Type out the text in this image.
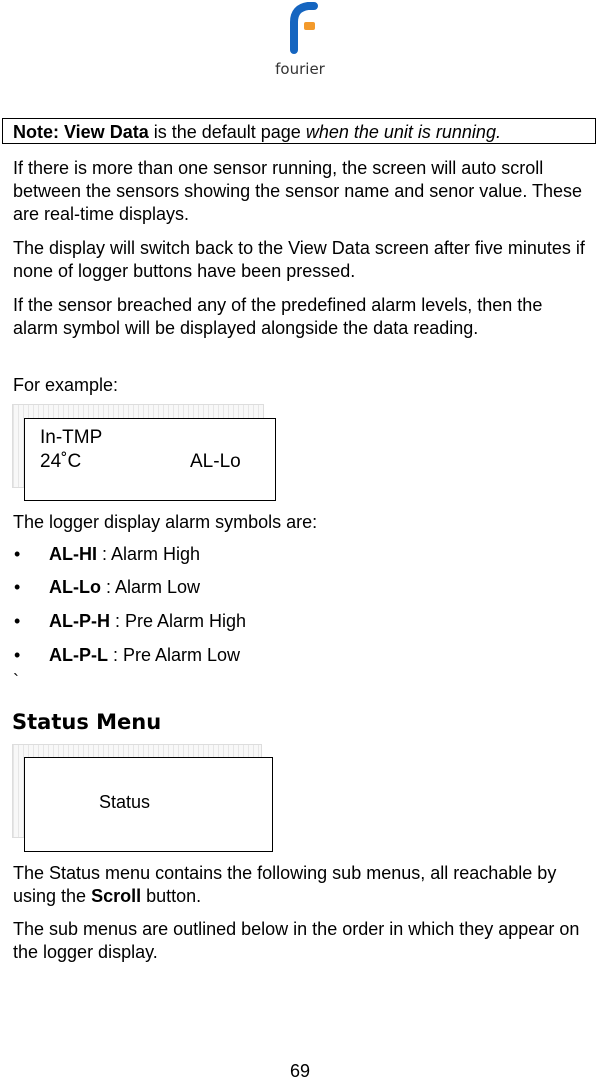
fourier
Note: View Data is the default page when the unit is running.

If there is more than one sensor running, the screen will auto scroll between the sensors showing the sensor name and senor value. These are real-time displays.

The display will switch back to the View Data screen after five minutes if none of logger buttons have been pressed.

If the sensor breached any of the predefined alarm levels, then the alarm symbol will be displayed alongside the data reading.

For example:

In-TMP
24˚C	AL-Lo

The logger display alarm symbols are:

• AL-HI : Alarm High
• AL-Lo : Alarm Low
• AL-P-H : Pre Alarm High
• AL-P-L : Pre Alarm Low

`

Status Menu
Status

The Status menu contains the following sub menus, all reachable by using the Scroll button.

The sub menus are outlined below in the order in which they appear on the logger display.

69
